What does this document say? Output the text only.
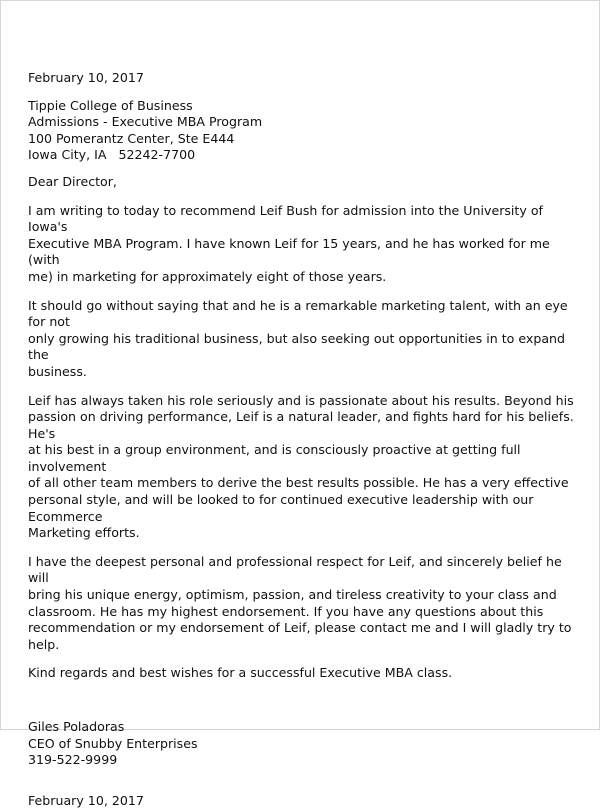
February 10, 2017

Tippie College of Business
Admissions - Executive MBA Program
100 Pomerantz Center, Ste E444
Iowa City, IA   52242-7700

Dear Director,

I am writing to today to recommend Leif Bush for admission into the University of Iowa's
Executive MBA Program. I have known Leif for 15 years, and he has worked for me (with
me) in marketing for approximately eight of those years.

It should go without saying that and he is a remarkable marketing talent, with an eye for not
only growing his traditional business, but also seeking out opportunities in to expand the
business.

Leif has always taken his role seriously and is passionate about his results. Beyond his
passion on driving performance, Leif is a natural leader, and fights hard for his beliefs. He's
at his best in a group environment, and is consciously proactive at getting full involvement
of all other team members to derive the best results possible. He has a very effective
personal style, and will be looked to for continued executive leadership with our Ecommerce
Marketing efforts.

I have the deepest personal and professional respect for Leif, and sincerely belief he will
bring his unique energy, optimism, passion, and tireless creativity to your class and
classroom. He has my highest endorsement. If you have any questions about this
recommendation or my endorsement of Leif, please contact me and I will gladly try to help.

Kind regards and best wishes for a successful Executive MBA class.

Giles Poladoras
CEO of Snubby Enterprises
319-522-9999

February 10, 2017
